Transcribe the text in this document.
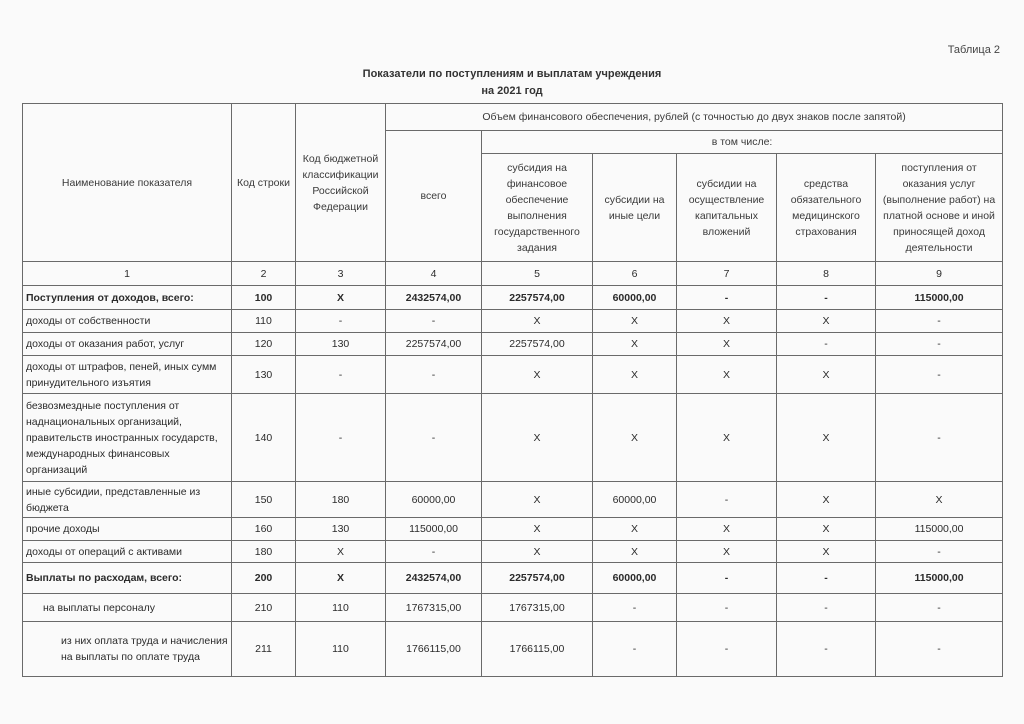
Таблица 2
Показатели по поступлениям и выплатам учреждения
на 2021 год
Наименование показателя	Код строки	Код бюджетной классификации Российской Федерации	Объем финансового обеспечения, рублей (с точностью до двух знаков после запятой)					
			всего	в том числе:				
				субсидия на финансовое обеспечение выполнения государственного задания	субсидии на иные цели	субсидии на осуществление капитальных вложений	средства обязательного медицинского страхования	поступления от оказания услуг (выполнение работ) на платной основе и иной приносящей доход деятельности
1	2	3	4	5	6	7	8	9
Поступления от доходов, всего:	100	Х	2432574,00	2257574,00	60000,00	-	-	115000,00
доходы от собственности	110	-	-	Х	Х	Х	Х	-
доходы от оказания работ, услуг	120	130	2257574,00	2257574,00	Х	Х	-	-
доходы от штрафов, пеней, иных сумм принудительного изъятия	130	-	-	Х	Х	Х	Х	-
безвозмездные поступления от наднациональных организаций, правительств иностранных государств, международных финансовых организаций	140	-	-	Х	Х	Х	Х	-
иные субсидии, представленные из бюджета	150	180	60000,00	Х	60000,00	-	Х	Х
прочие доходы	160	130	115000,00	Х	Х	Х	Х	115000,00
доходы от операций с активами	180	Х	-	Х	Х	Х	Х	-
Выплаты по расходам, всего:	200	Х	2432574,00	2257574,00	60000,00	-	-	115000,00
на выплаты персоналу	210	110	1767315,00	1767315,00	-	-	-	-
из них оплата труда и начисления на выплаты по оплате труда	211	110	1766115,00	1766115,00	-	-	-	-
